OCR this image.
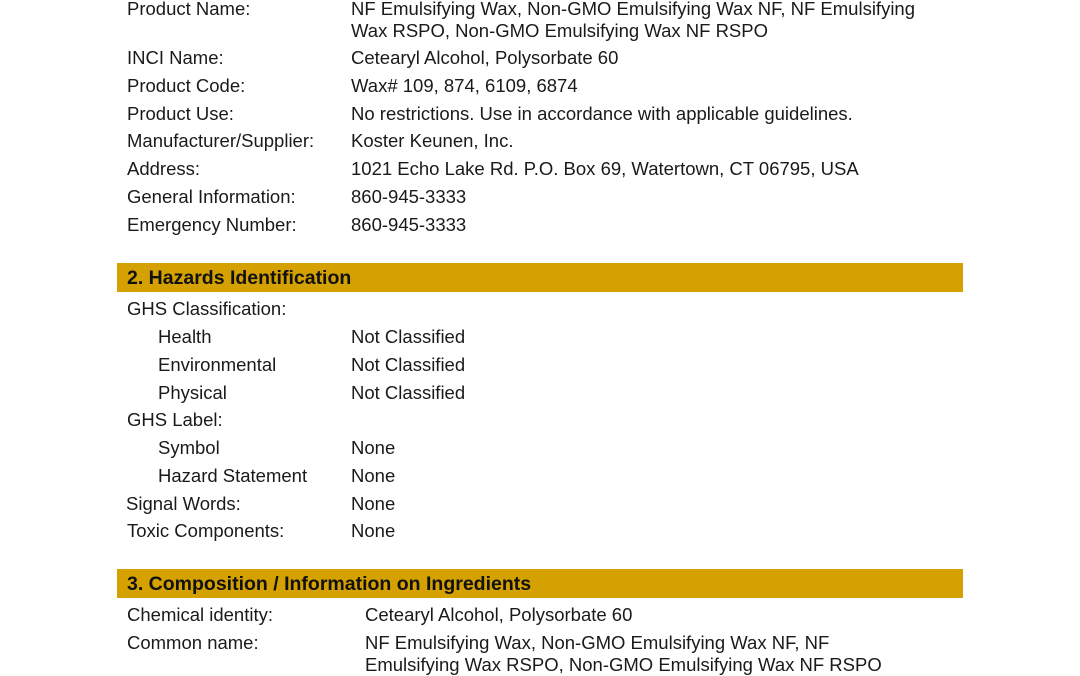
Product Name:	NF Emulsifying Wax, Non-GMO Emulsifying Wax NF, NF Emulsifying
Wax RSPO, Non-GMO Emulsifying Wax NF RSPO
INCI Name:	Cetearyl Alcohol, Polysorbate 60
Product Code:	Wax# 109, 874, 6109, 6874
Product Use:	No restrictions. Use in accordance with applicable guidelines.
Manufacturer/Supplier: Koster Keunen, Inc.
Address:	1021 Echo Lake Rd. P.O. Box 69, Watertown, CT 06795, USA
General Information:	860-945-3333
Emergency Number:	860-945-3333
2. Hazards Identification
GHS Classification:
Health	Not Classified
Environmental	Not Classified
Physical	Not Classified
GHS Label:
Symbol	None
Hazard Statement None
Signal Words:	None
Toxic Components:	None
3. Composition / Information on Ingredients
Chemical identity:	Cetearyl Alcohol, Polysorbate 60
Common name:	NF Emulsifying Wax, Non-GMO Emulsifying Wax NF, NF
Emulsifying Wax RSPO, Non-GMO Emulsifying Wax NF RSPO
